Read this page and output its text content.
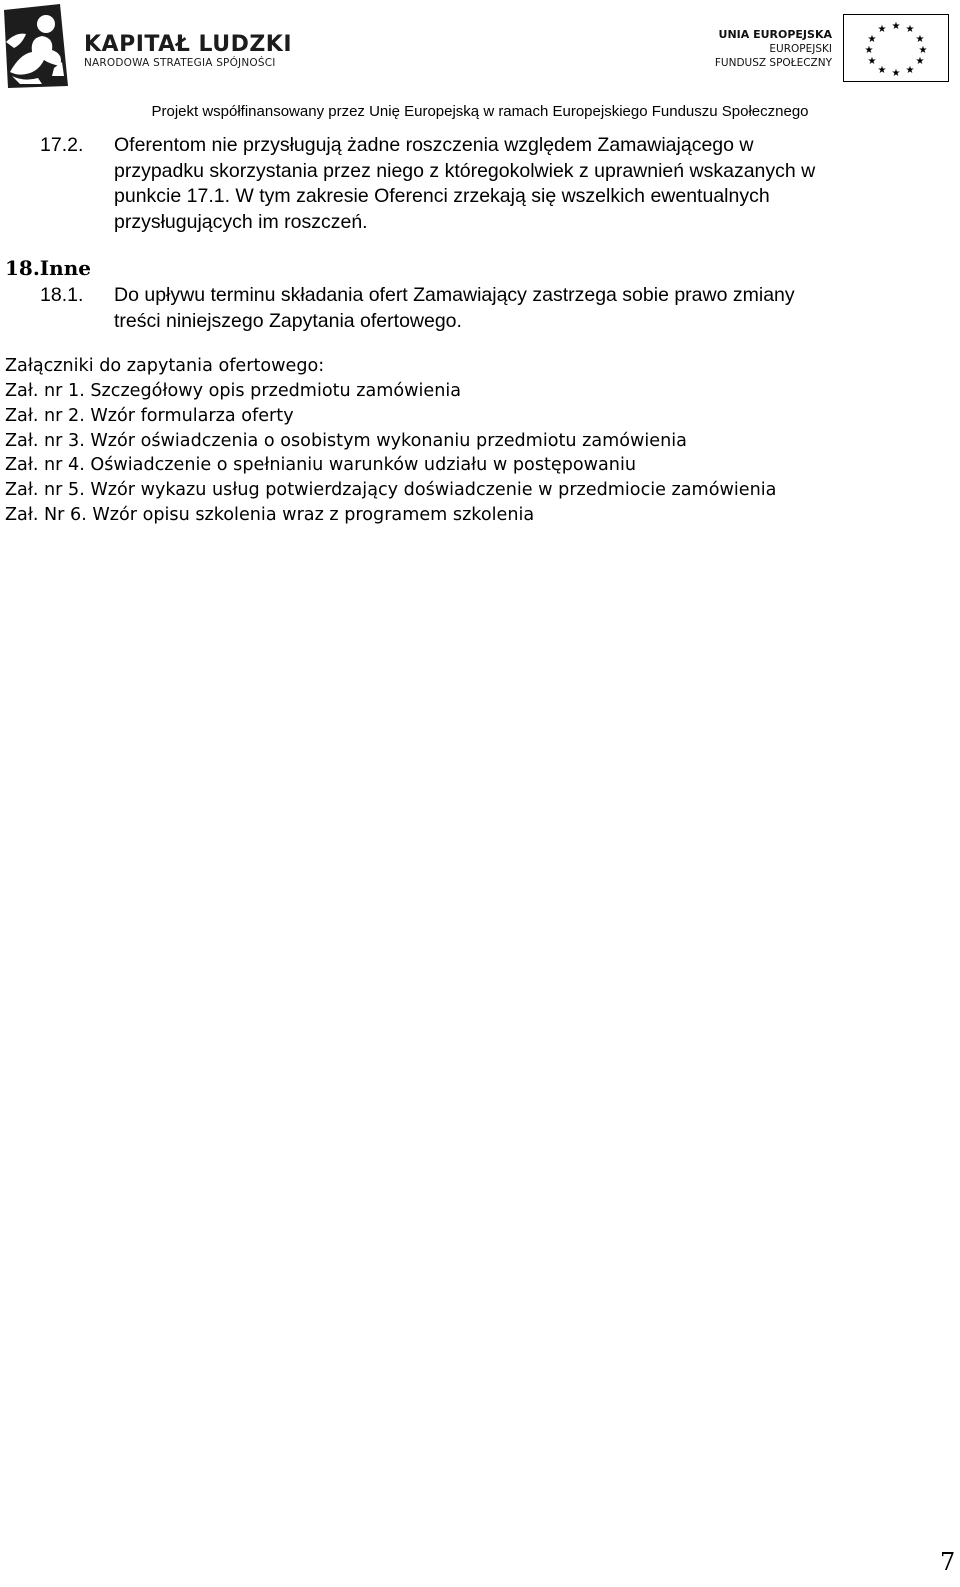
KAPITAŁ LUDZKI
NARODOWA STRATEGIA SPÓJNOŚCI
UNIA EUROPEJSKA
EUROPEJSKI
FUNDUSZ SPOŁECZNY
★ ★
★
★
★
★
★
★
★
★
★
★
Projekt współfinansowany przez Unię Europejską w ramach Europejskiego Funduszu Społecznego
17.2. Oferentom nie przysługują żadne roszczenia względem Zamawiającego w
przypadku skorzystania przez niego z któregokolwiek z uprawnień wskazanych w
punkcie 17.1. W tym zakresie Oferenci zrzekają się wszelkich ewentualnych
przysługujących im roszczeń.
18.Inne
18.1. Do upływu terminu składania ofert Zamawiający zastrzega sobie prawo zmiany
treści niniejszego Zapytania ofertowego.
Załączniki do zapytania ofertowego:
Zał. nr 1. Szczegółowy opis przedmiotu zamówienia
Zał. nr 2. Wzór formularza oferty
Zał. nr 3. Wzór oświadczenia o osobistym wykonaniu przedmiotu zamówienia
Zał. nr 4. Oświadczenie o spełnianiu warunków udziału w postępowaniu
Zał. nr 5. Wzór wykazu usług potwierdzający doświadczenie w przedmiocie zamówienia
Zał. Nr 6. Wzór opisu szkolenia wraz z programem szkolenia
7
